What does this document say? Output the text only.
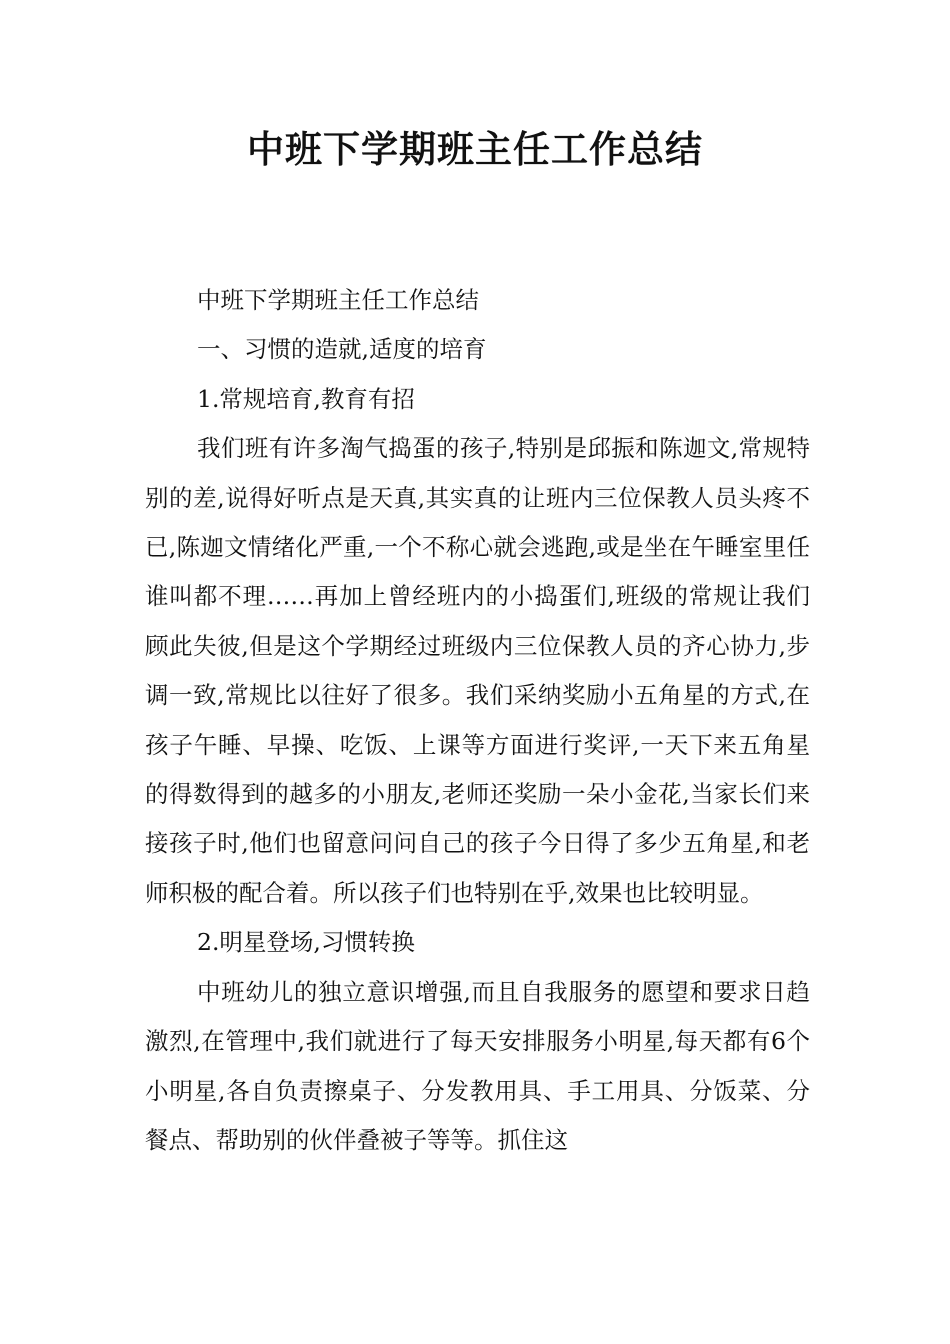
中班下学期班主任工作总结

中班下学期班主任工作总结

一、习惯的造就,适度的培育

1.常规培育,教育有招

我们班有许多淘气捣蛋的孩子,特别是邱振和陈迦文,常规特别的差,说得好听点是天真,其实真的让班内三位保教人员头疼不已,陈迦文情绪化严重,一个不称心就会逃跑,或是坐在午睡室里任谁叫都不理……再加上曾经班内的小捣蛋们,班级的常规让我们顾此失彼,但是这个学期经过班级内三位保教人员的齐心协力,步调一致,常规比以往好了很多。我们采纳奖励小五角星的方式,在孩子午睡、早操、吃饭、上课等方面进行奖评,一天下来五角星的得数得到的越多的小朋友,老师还奖励一朵小金花,当家长们来接孩子时,他们也留意问问自己的孩子今日得了多少五角星,和老师积极的配合着。所以孩子们也特别在乎,效果也比较明显。

2.明星登场,习惯转换

中班幼儿的独立意识增强,而且自我服务的愿望和要求日趋激烈,在管理中,我们就进行了每天安排服务小明星,每天都有6个小明星,各自负责擦桌子、分发教用具、手工用具、分饭菜、分餐点、帮助别的伙伴叠被子等等。抓住这
